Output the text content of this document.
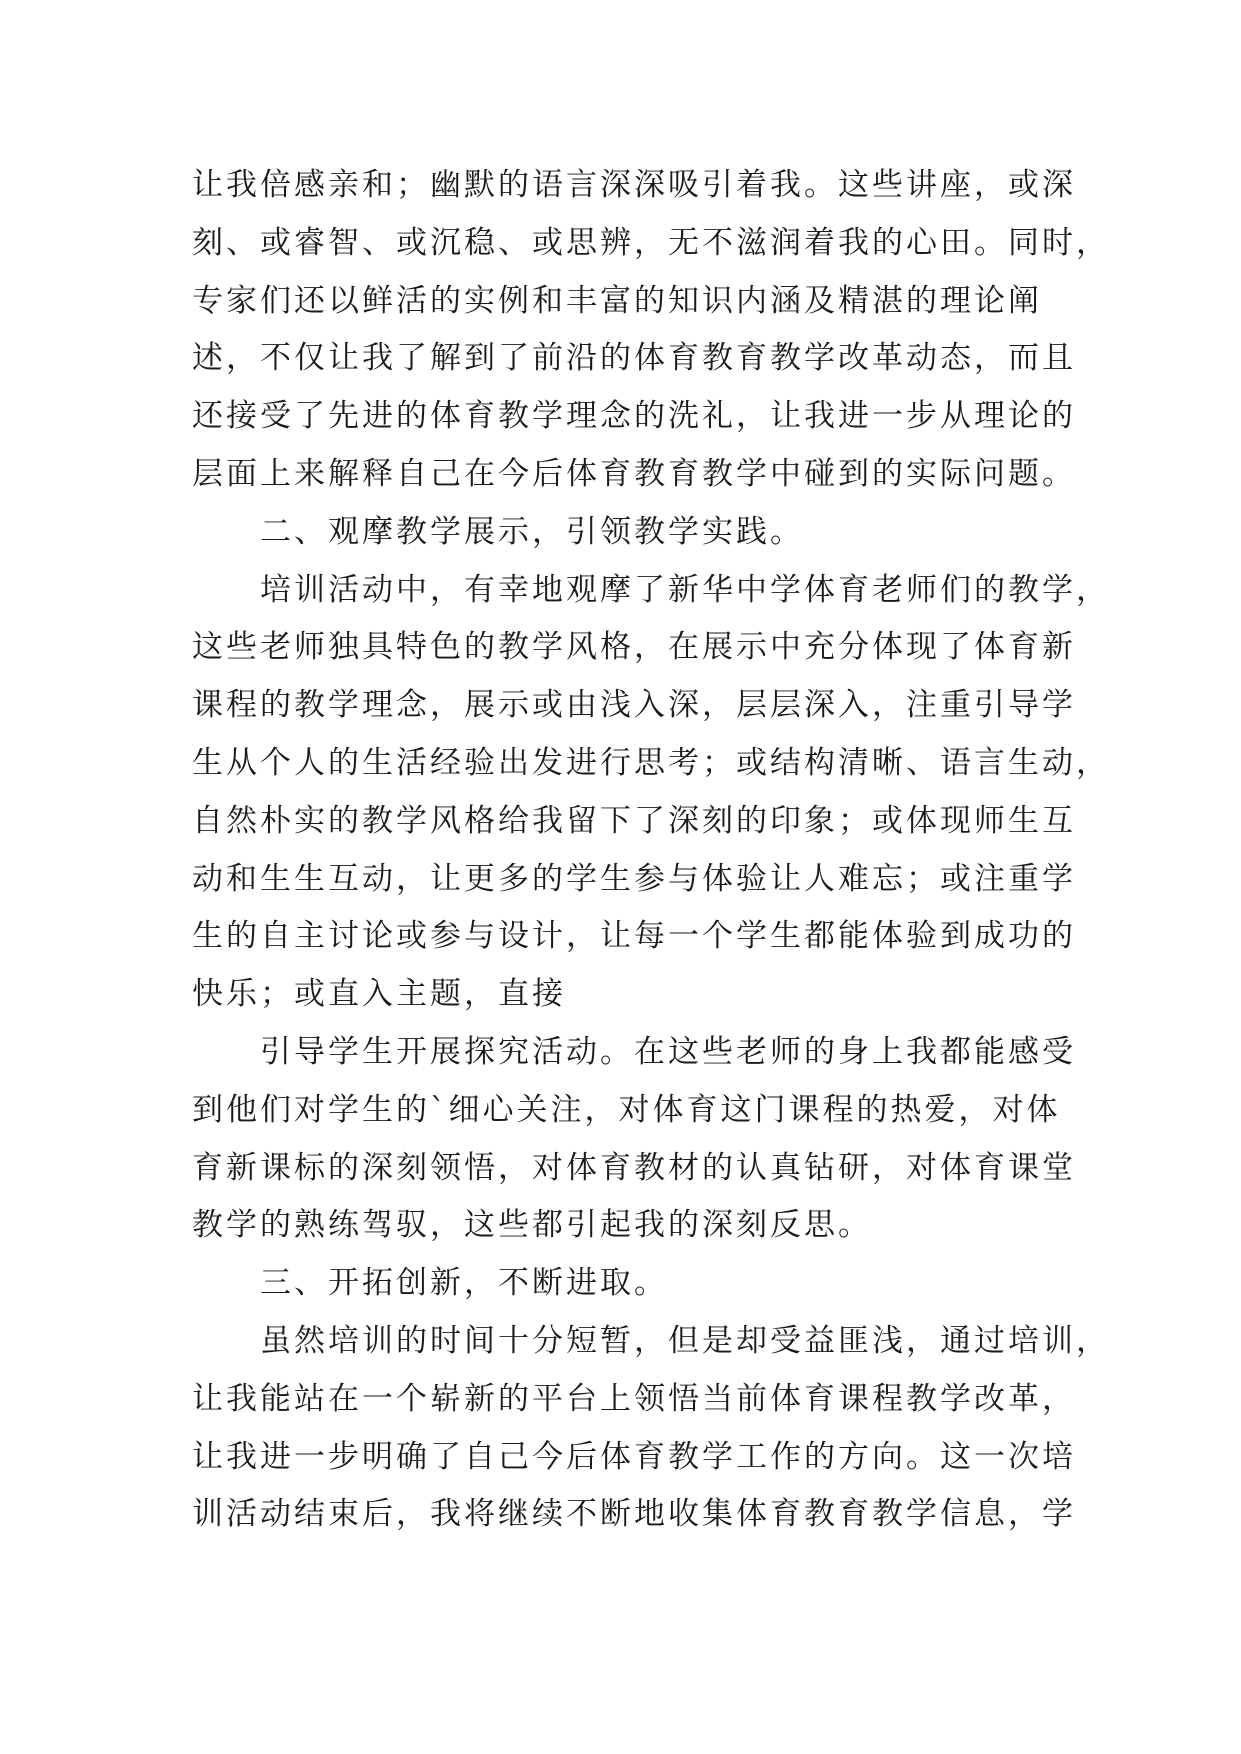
让我倍感亲和；幽默的语言深深吸引着我。这些讲座，或深
刻、或睿智、或沉稳、或思辨，无不滋润着我的心田。同时，
专家们还以鲜活的实例和丰富的知识内涵及精湛的理论阐
述，不仅让我了解到了前沿的体育教育教学改革动态，而且
还接受了先进的体育教学理念的洗礼，让我进一步从理论的
层面上来解释自己在今后体育教育教学中碰到的实际问题。
二、观摩教学展示，引领教学实践。
培训活动中，有幸地观摩了新华中学体育老师们的教学，
这些老师独具特色的教学风格，在展示中充分体现了体育新
课程的教学理念，展示或由浅入深，层层深入，注重引导学
生从个人的生活经验出发进行思考；或结构清晰、语言生动，
自然朴实的教学风格给我留下了深刻的印象；或体现师生互
动和生生互动，让更多的学生参与体验让人难忘；或注重学
生的自主讨论或参与设计，让每一个学生都能体验到成功的
快乐；或直入主题，直接
引导学生开展探究活动。在这些老师的身上我都能感受
到他们对学生的`细心关注，对体育这门课程的热爱，对体
育新课标的深刻领悟，对体育教材的认真钻研，对体育课堂
教学的熟练驾驭，这些都引起我的深刻反思。
三、开拓创新，不断进取。
虽然培训的时间十分短暂，但是却受益匪浅，通过培训，
让我能站在一个崭新的平台上领悟当前体育课程教学改革，
让我进一步明确了自己今后体育教学工作的方向。这一次培
训活动结束后，我将继续不断地收集体育教育教学信息，学
